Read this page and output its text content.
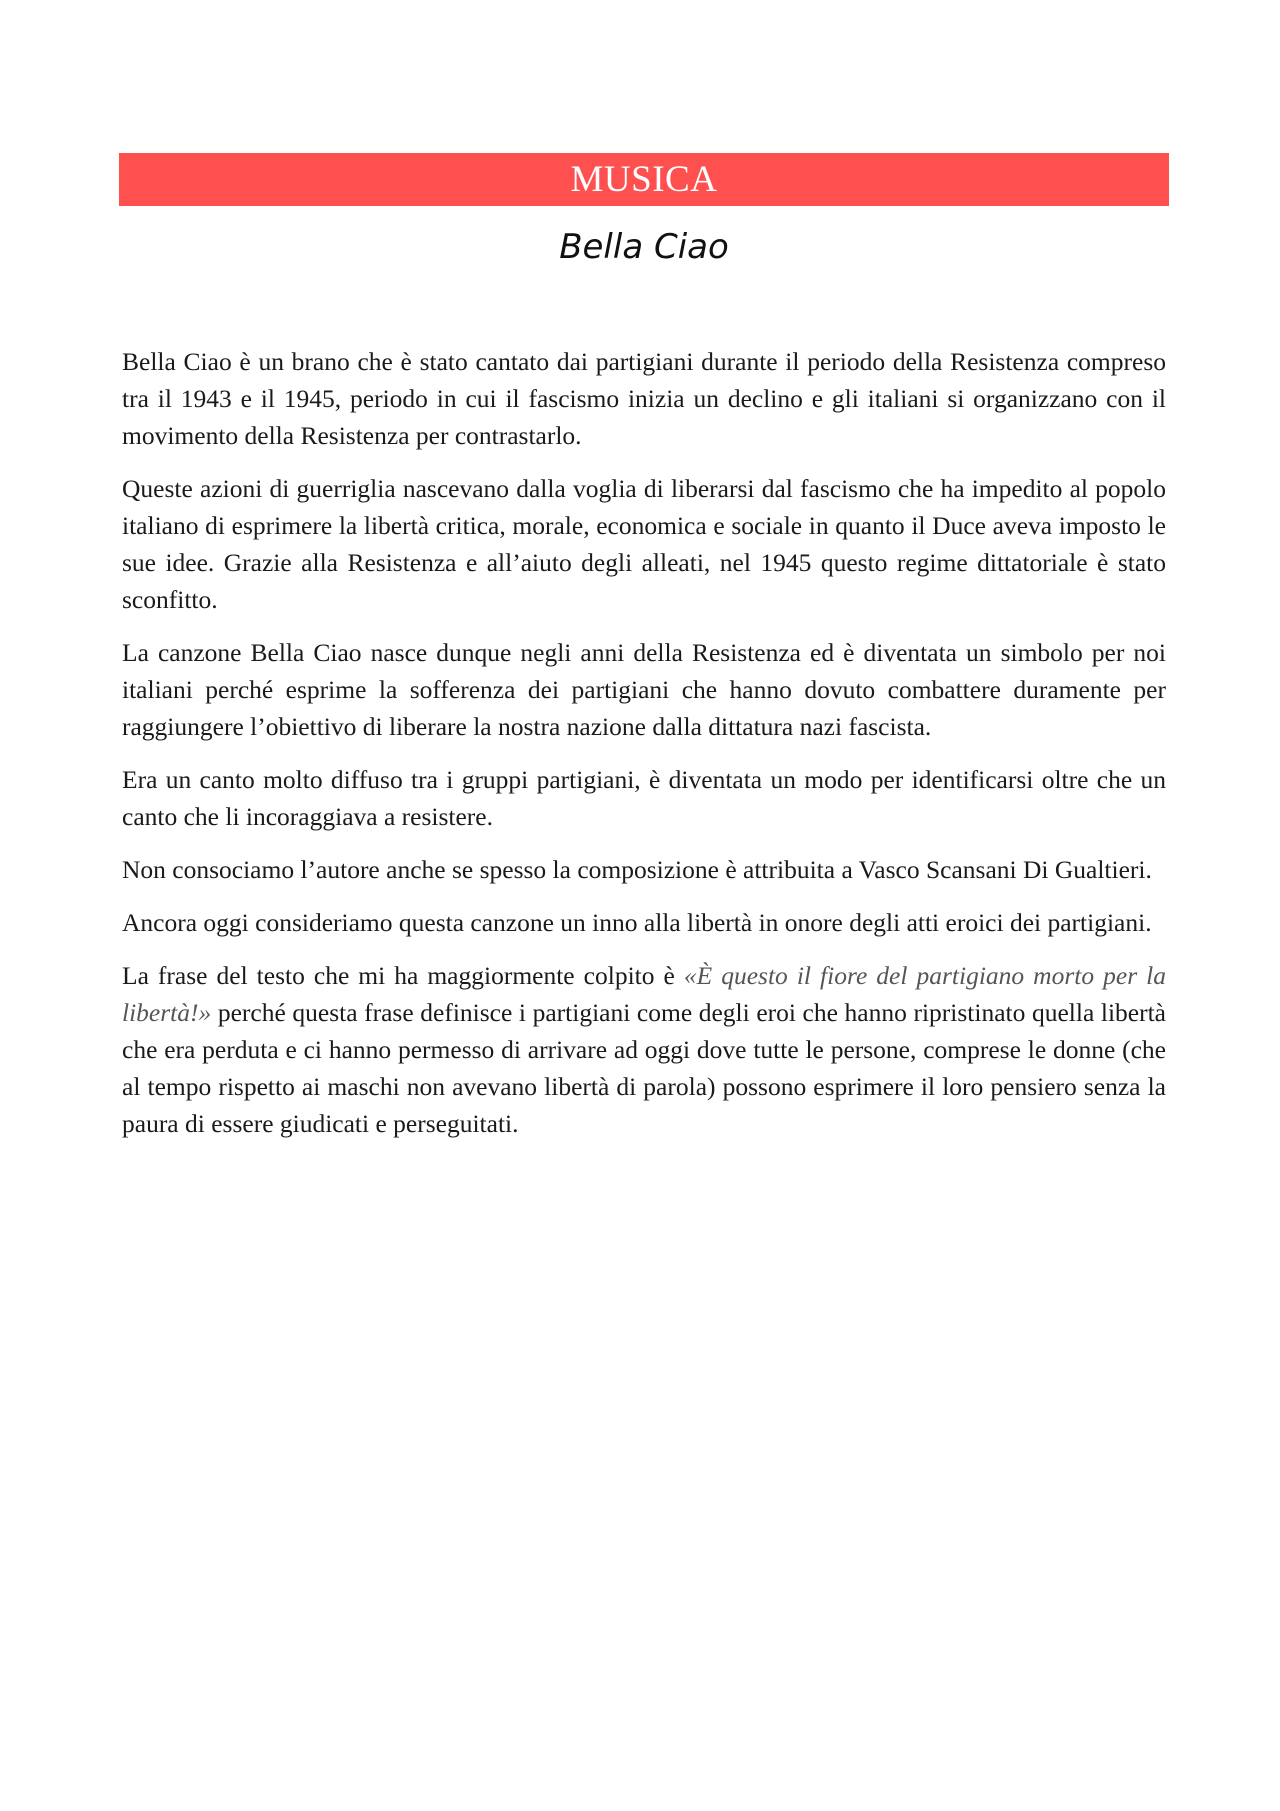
MUSICA
Bella Ciao

Bella Ciao è un brano che è stato cantato dai partigiani durante il periodo della Resistenza compreso tra il 1943 e il 1945, periodo in cui il fascismo inizia un declino e gli italiani si organizzano con il movimento della Resistenza per contrastarlo.

Queste azioni di guerriglia nascevano dalla voglia di liberarsi dal fascismo che ha impedito al popolo italiano di esprimere la libertà critica, morale, economica e sociale in quanto il Duce aveva imposto le sue idee. Grazie alla Resistenza e all’aiuto degli alleati, nel 1945 questo regime dittatoriale è stato sconfitto.

La canzone Bella Ciao nasce dunque negli anni della Resistenza ed è diventata un simbolo per noi italiani perché esprime la sofferenza dei partigiani che hanno dovuto combattere duramente per raggiungere l’obiettivo di liberare la nostra nazione dalla dittatura nazi fascista.

Era un canto molto diffuso tra i gruppi partigiani, è diventata un modo per identificarsi oltre che un canto che li incoraggiava a resistere.

Non consociamo l’autore anche se spesso la composizione è attribuita a Vasco Scansani Di Gualtieri.

Ancora oggi consideriamo questa canzone un inno alla libertà in onore degli atti eroici dei partigiani.

La frase del testo che mi ha maggiormente colpito è «È questo il fiore del partigiano morto per la libertà!» perché questa frase definisce i partigiani come degli eroi che hanno ripristinato quella libertà che era perduta e ci hanno permesso di arrivare ad oggi dove tutte le persone, comprese le donne (che al tempo rispetto ai maschi non avevano libertà di parola) possono esprimere il loro pensiero senza la paura di essere giudicati e perseguitati.
